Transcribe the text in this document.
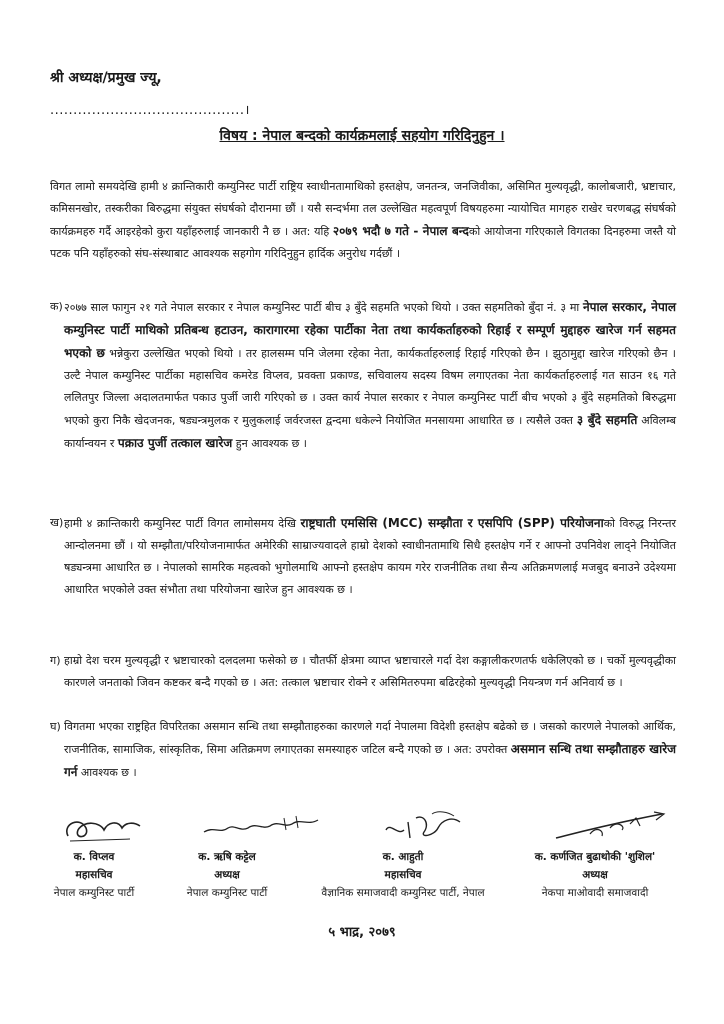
श्री अध्यक्ष/प्रमुख ज्यू,
..........................................।
विषय : नेपाल बन्दको कार्यक्रमलाई सहयोग गरिदिनुहुन ।
विगत लामो समयदेखि हामी ४ क्रान्तिकारी कम्युनिस्ट पार्टी राष्ट्रिय स्वाधीनतामाथिको हस्तक्षेप, जनतन्त्र, जनजिवीका, असिमित मुल्यवृद्धी, कालोबजारी, भ्रष्टाचार, कमिसनखोर, तस्करीका बिरुद्धमा संयुक्त संघर्षको दौरानमा छौं । यसै सन्दर्भमा तल उल्लेखित महत्वपूर्ण विषयहरुमा न्यायोचित मागहरु राखेर चरणबद्ध संघर्षको कार्यक्रमहरु गर्दै आइरहेको कुरा यहाँहरुलाई जानकारी नै छ । अत: यहि २०७९ भदौ ७ गते - नेपाल बन्दको आयोजना गरिएकाले विगतका दिनहरुमा जस्तै यो पटक पनि यहाँहरुको संघ-संस्थाबाट आवश्यक सहगोग गरिदिनुहुन हार्दिक अनुरोध गर्दछौं ।
क) २०७७ साल फागुन २१ गते नेपाल सरकार र नेपाल कम्युनिस्ट पार्टी बीच ३ बुँदे सहमति भएको थियो । उक्त सहमतिको बुँदा नं. ३ मा नेपाल सरकार, नेपाल कम्युनिस्ट पार्टी माथिको प्रतिबन्ध हटाउन, कारागारमा रहेका पार्टीका नेता तथा कार्यकर्ताहरुको रिहाई र सम्पूर्ण मुद्दाहरु खारेज गर्न सहमत भएको छ भन्नेकुरा उल्लेखित भएको थियो । तर हालसम्म पनि जेलमा रहेका नेता, कार्यकर्ताहरुलाई रिहाई गरिएको छैन । झुठामुद्दा खारेज गरिएको छैन । उल्टै नेपाल कम्युनिस्ट पार्टीका महासचिव कमरेड विप्लव, प्रवक्ता प्रकाण्ड, सचिवालय सदस्य विषम लगाएतका नेता कार्यकर्ताहरुलाई गत साउन १६ गते ललितपुर जिल्ला अदालतमार्फत पकाउ पुर्जी जारी गरिएको छ । उक्त कार्य नेपाल सरकार र नेपाल कम्युनिस्ट पार्टी बीच भएको ३ बुँदे सहमतिको बिरुद्धमा भएको कुरा निकै खेदजनक, षड्यन्त्रमुलक र मुलुकलाई जर्वरजस्त द्वन्दमा धकेल्ने नियोजित मनसायमा आधारित छ । त्यसैले उक्त ३ बुँदे सहमति अविलम्ब कार्यान्वयन र पक्राउ पुर्जी तत्काल खारेज हुन आवश्यक छ ।
ख) हामी ४ क्रान्तिकारी कम्युनिस्ट पार्टी विगत लामोसमय देखि राष्ट्रघाती एमसिसि (MCC) सम्झौता र एसपिपि (SPP) परियोजनाको विरुद्ध निरन्तर आन्दोलनमा छौं । यो सम्झौता/परियोजनामार्फत अमेरिकी साम्राज्यवादले हाम्रो देशको स्वाधीनतामाथि सिधै हस्तक्षेप गर्ने र आफ्नो उपनिवेश लाद्ने नियोजित षड्यन्त्रमा आधारित छ । नेपालको सामरिक महत्वको भुगोलमाथि आफ्नो हस्तक्षेप कायम गरेर राजनीतिक तथा सैन्य अतिक्रमणलाई मजबुद बनाउने उदेश्यमा आधारित भएकोले उक्त संभौता तथा परियोजना खारेज हुन आवश्यक छ ।
ग) हाम्रो देश चरम मुल्यवृद्धी र भ्रष्टाचारको दलदलमा फसेको छ । चौतर्फी क्षेत्रमा व्याप्त भ्रष्टाचारले गर्दा देश कङ्गालीकरणतर्फ धकेलिएको छ । चर्को मुल्यवृद्धीका कारणले जनताको जिवन कष्टकर बन्दै गएको छ । अत: तत्काल भ्रष्टाचार रोक्ने र असिमितरुपमा बढिरहेको मुल्यवृद्धी नियन्त्रण गर्न अनिवार्य छ ।
घ) विगतमा भएका राष्ट्रहित विपरितका असमान सन्धि तथा सम्झौताहरुका कारणले गर्दा नेपालमा विदेशी हस्तक्षेप बढेको छ । जसको कारणले नेपालको आर्थिक, राजनीतिक, सामाजिक, सांस्कृतिक, सिमा अतिक्रमण लगाएतका समस्याहरु जटिल बन्दै गएको छ । अत: उपरोक्त असमान सन्धि तथा सम्झौताहरु खारेज गर्न आवश्यक छ ।
क. विप्लव
महासचिव
नेपाल कम्युनिस्ट पार्टी
क. ऋषि कट्टेल
अध्यक्ष
नेपाल कम्युनिस्ट पार्टी
क. आहुती
महासचिव
वैज्ञानिक समाजवादी कम्युनिस्ट पार्टी, नेपाल
क. कर्णजित बुढाथोकी 'शुशिल'
अध्यक्ष
नेकपा माओवादी समाजवादी
५ भाद्र, २०७९
